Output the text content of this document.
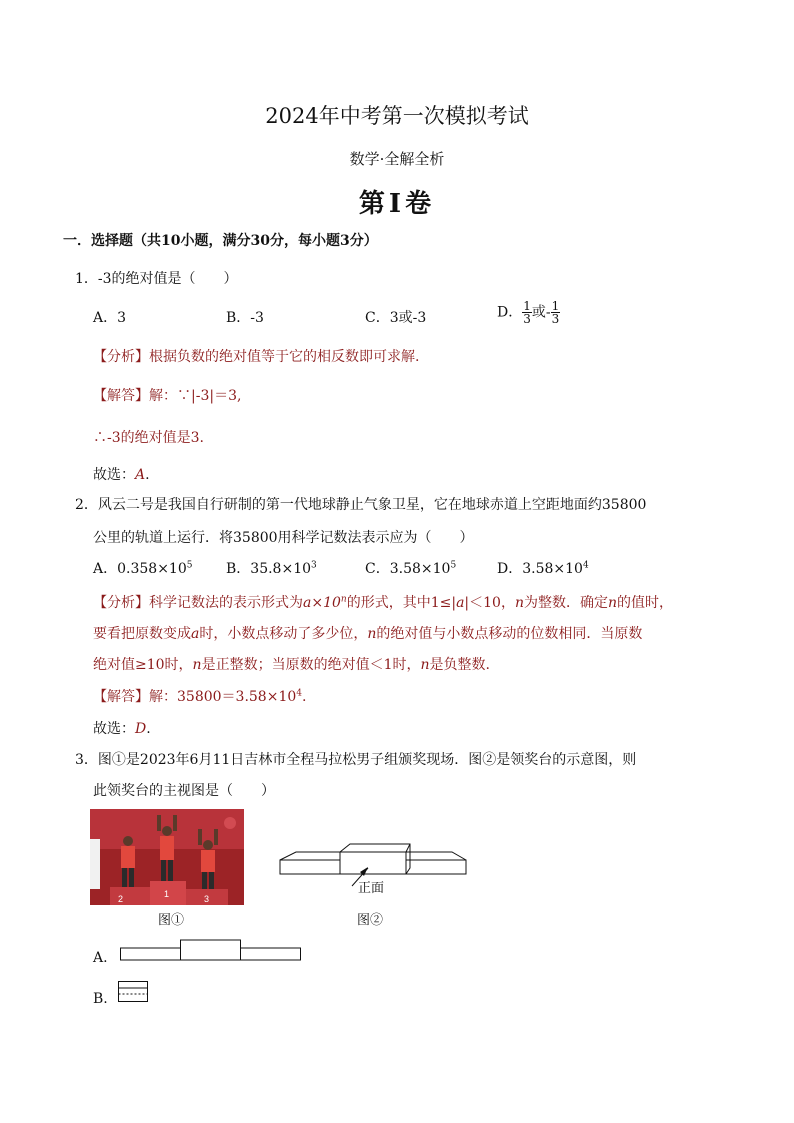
2024年中考第一次模拟考试
数学·全解全析
第Ⅰ卷
一．选择题（共10小题，满分30分，每小题3分）
1．-3的绝对值是（　　）
A．3	B．-3	C．3或-3	D． $\frac{1}{3}$ 或- $\frac{1}{3}$
【分析】根据负数的绝对值等于它的相反数即可求解.
【解答】解：∵|-3|＝3,
∴-3的绝对值是3.
故选：A.
2．风云二号是我国自行研制的第一代地球静止气象卫星，它在地球赤道上空距地面约35800
公里的轨道上运行．将35800用科学记数法表示应为（　　）
A．$0.358\times 10^5$ B．$35.8\times 10^3$	C．$3.58\times 10^5$	D．$3.58\times 10^4$
【分析】科学记数法的表示形式为$a\times 10^n$的形式，其中1≤|a|＜10，n为整数．确定n的值时，
要看把原数变成a时，小数点移动了多少位，n的绝对值与小数点移动的位数相同．当原数
绝对值≥10时，n是正整数；当原数的绝对值＜1时，n是负整数.
【解答】解：$35800=3.58\times 10^4$.
故选：D.
3．图①是2023年6月11日吉林市全程马拉松男子组颁奖现场．图②是领奖台的示意图，则
此领奖台的主视图是（　　）
2	1	3
图①
正面
图②
A.
B.
